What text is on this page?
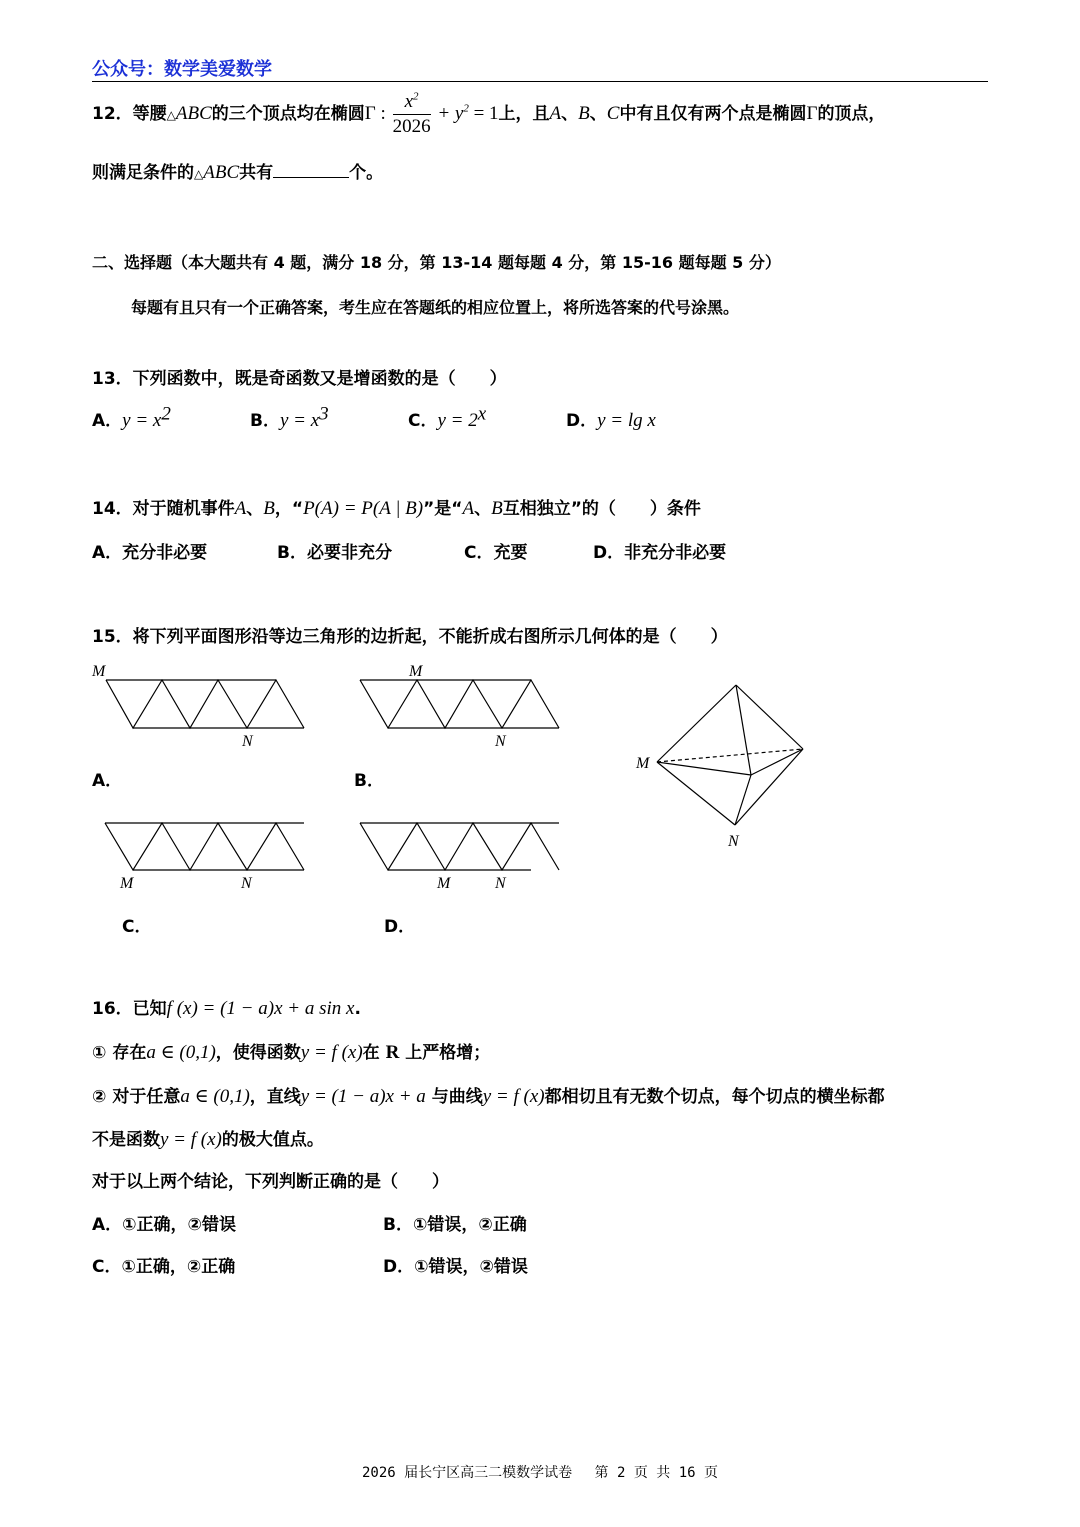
公众号：数学美爱数学
12．等腰△ABC的三个顶点均在椭圆Γ : $\frac{x^2}{2026} + y^2 = 1$上，且A、B、C中有且仅有两个点是椭圆Γ的顶点，
则满足条件的△ABC共有	个。
二、选择题（本大题共有 4 题，满分 18 分，第 13-14 题每题 4 分，第 15-16 题每题 5 分）
每题有且只有一个正确答案，考生应在答题纸的相应位置上，将所选答案的代号涂黑。
13．下列函数中，既是奇函数又是增函数的是（　　）
A．$y = x^2$	B．$y = x^3$	C．$y = 2^x$	D．y = lg x
14．对于随机事件A、B，“P(A) = P(A | B)”是“A、B互相独立”的（　　）条件
A．充分非必要	B．必要非充分	C．充要	D．非充分非必要
15．将下列平面图形沿等边三角形的边折起，不能折成右图所示几何体的是（　　）
M
N
A．
M
N
B．
M
N
M	N
C．
M	N
D．
16．已知f (x) = (1 − a)x + a sin x.
① 存在a ∈ (0,1)，使得函数y = f (x)在 R 上严格增；
② 对于任意a ∈ (0,1)，直线y = (1 − a)x + a 与曲线y = f (x)都相切且有无数个切点，每个切点的横坐标都
不是函数y = f (x)的极大值点。
对于以上两个结论，下列判断正确的是（　　）
A．①正确，②错误	B．①错误，②正确
C．①正确，②正确	D．①错误，②错误
2026 届长宁区高三二模数学试卷　 第 2 页 共 16 页
